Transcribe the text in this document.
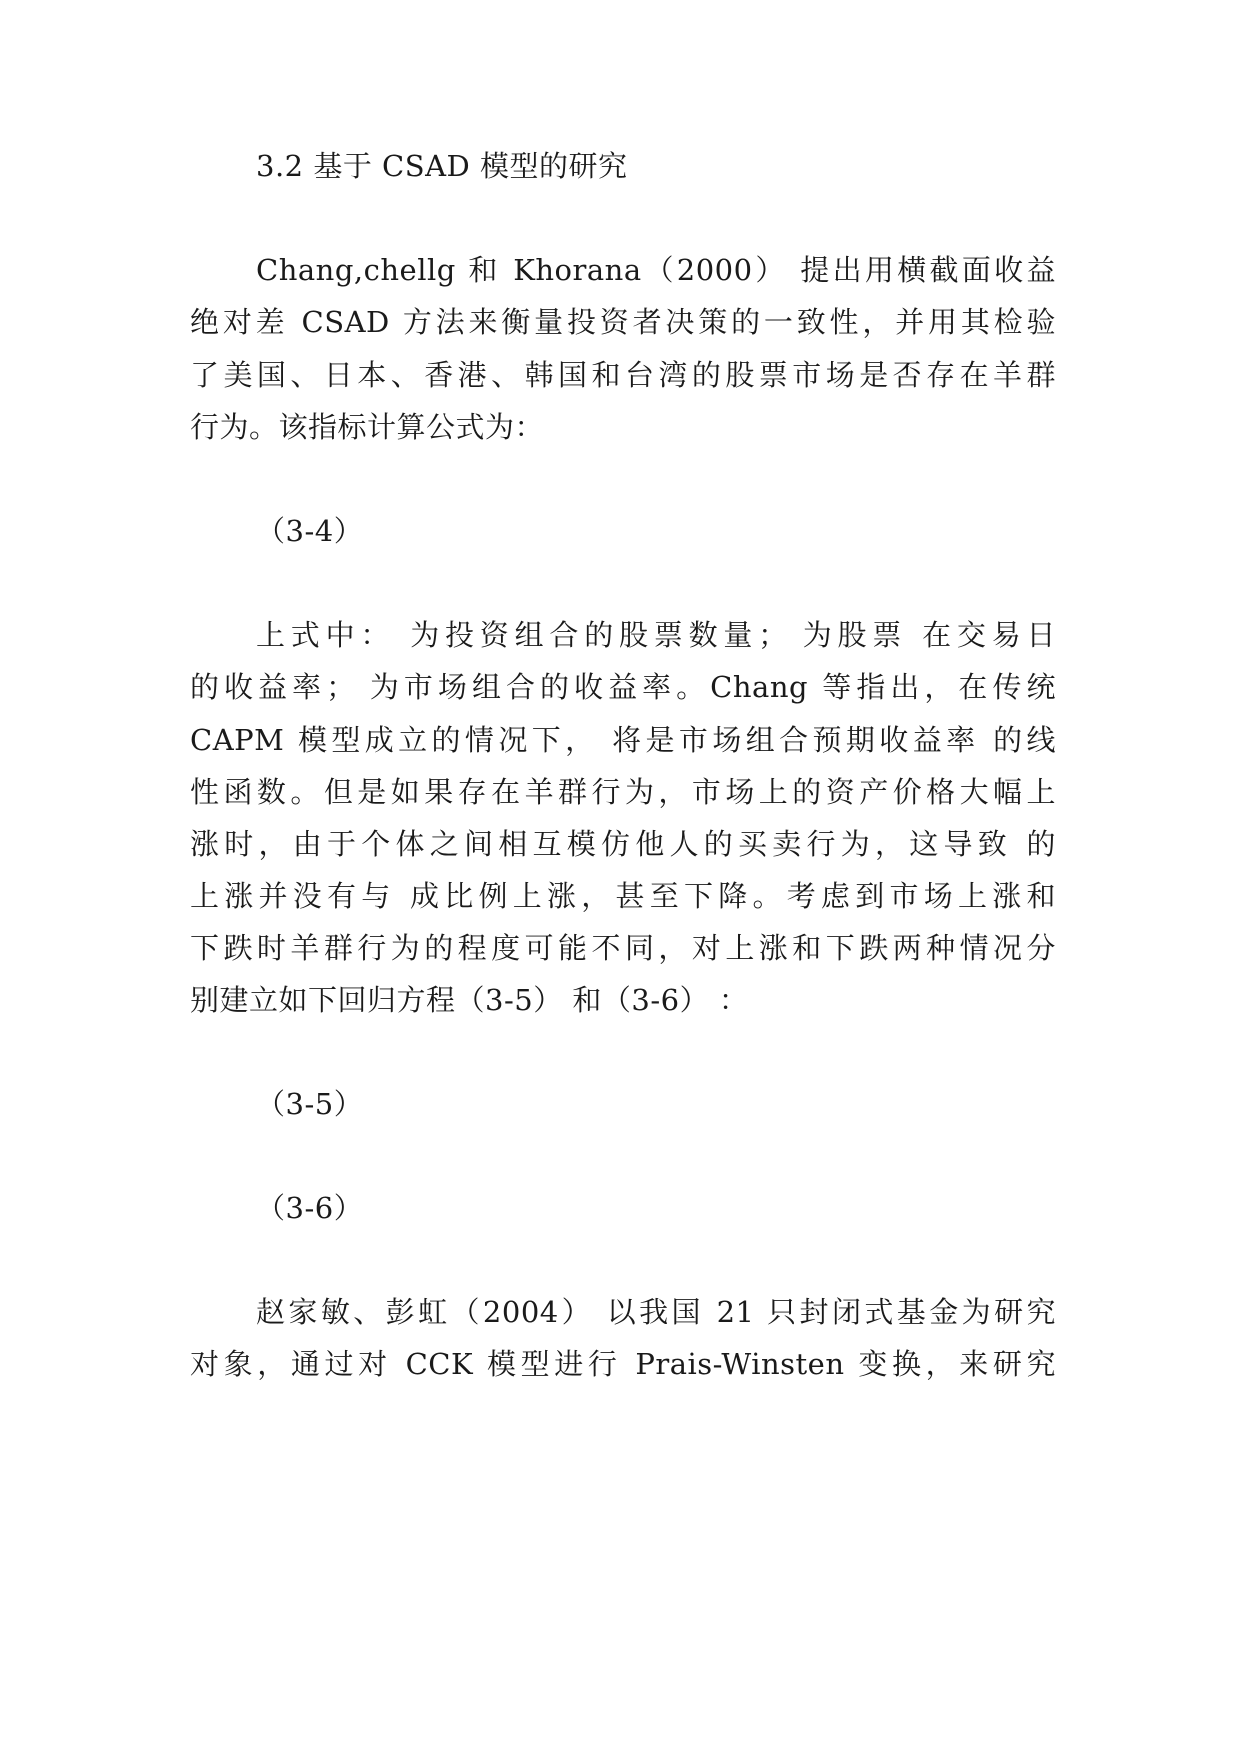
3.2 基于 CSAD 模型的研究
Chang,chellg 和 Khorana（2000） 提出用横截面收益
绝对差 CSAD 方法来衡量投资者决策的一致性，并用其检验
了美国、日本、香港、韩国和台湾的股票市场是否存在羊群
行为。该指标计算公式为：
（3-4）
上式中： 为投资组合的股票数量； 为股票 在交易日
的收益率； 为市场组合的收益率。Chang 等指出，在传统
CAPM 模型成立的情况下， 将是市场组合预期收益率 的线
性函数。但是如果存在羊群行为，市场上的资产价格大幅上
涨时，由于个体之间相互模仿他人的买卖行为，这导致 的
上涨并没有与 成比例上涨，甚至下降。考虑到市场上涨和
下跌时羊群行为的程度可能不同，对上涨和下跌两种情况分
别建立如下回归方程（3-5） 和（3-6） ：
（3-5）
（3-6）
赵家敏、彭虹（2004） 以我国 21 只封闭式基金为研究
对象，通过对 CCK 模型进行 Prais-Winsten 变换，来研究
